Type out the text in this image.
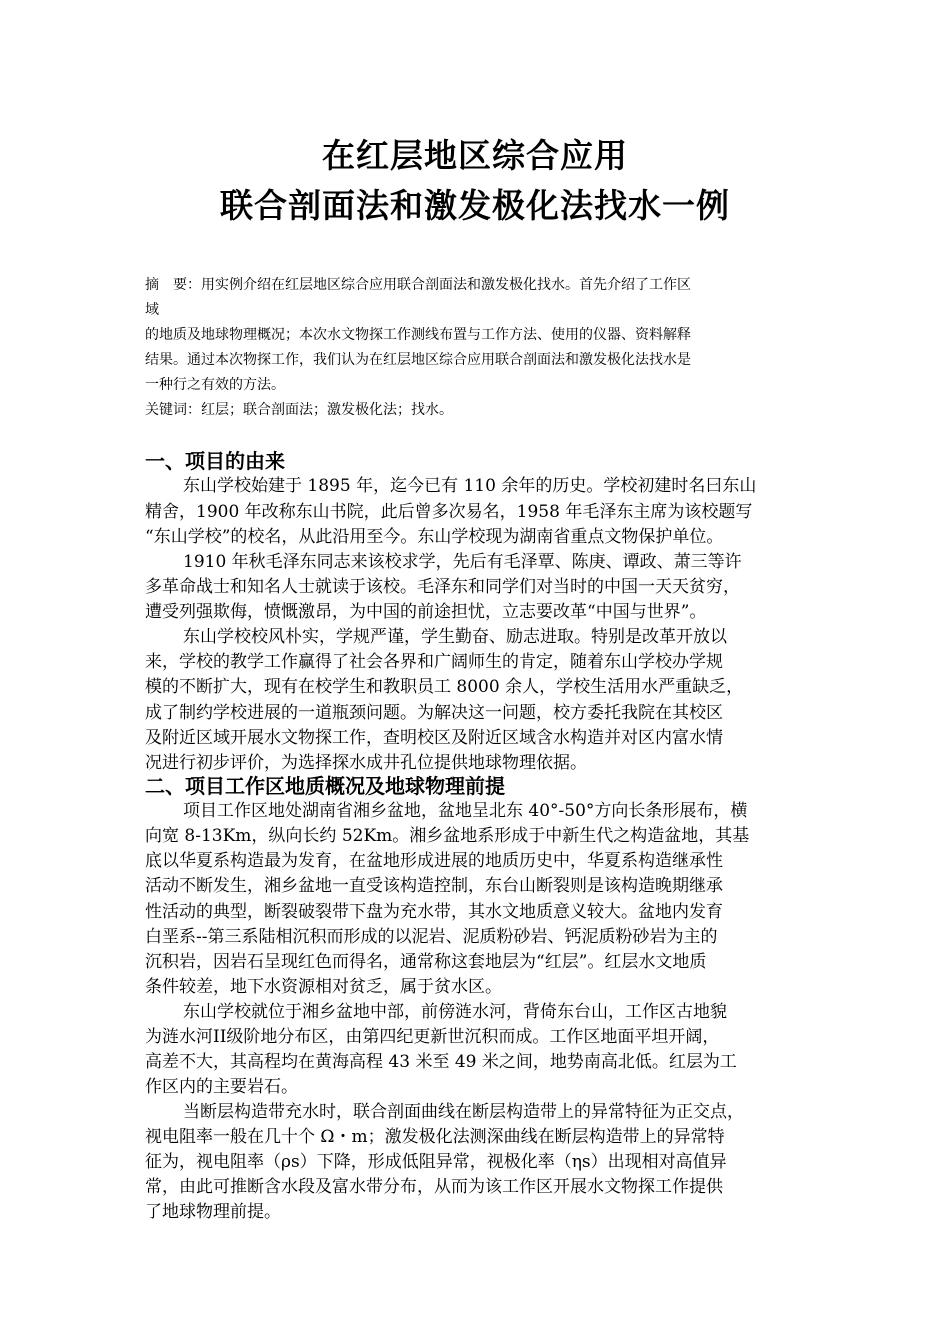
在红层地区综合应用
联合剖面法和激发极化法找水一例
摘　要：用实例介绍在红层地区综合应用联合剖面法和激发极化找水。首先介绍了工作区
域
的地质及地球物理概况；本次水文物探工作测线布置与工作方法、使用的仪器、资料解释
结果。通过本次物探工作，我们认为在红层地区综合应用联合剖面法和激发极化法找水是
一种行之有效的方法。
关键词：红层；联合剖面法；激发极化法；找水。
一、项目的由来
东山学校始建于 1895 年，迄今已有 110 余年的历史。学校初建时名曰东山
精舍，1900 年改称东山书院，此后曾多次易名，1958 年毛泽东主席为该校题写
“东山学校”的校名，从此沿用至今。东山学校现为湖南省重点文物保护单位。
1910 年秋毛泽东同志来该校求学，先后有毛泽覃、陈庚、谭政、萧三等许
多革命战士和知名人士就读于该校。毛泽东和同学们对当时的中国一天天贫穷，
遭受列强欺侮，愤慨激昂，为中国的前途担忧，立志要改革“中国与世界”。
东山学校校风朴实，学规严谨，学生勤奋、励志进取。特别是改革开放以
来，学校的教学工作赢得了社会各界和广阔师生的肯定，随着东山学校办学规
模的不断扩大，现有在校学生和教职员工 8000 余人，学校生活用水严重缺乏，
成了制约学校进展的一道瓶颈问题。为解决这一问题，校方委托我院在其校区
及附近区域开展水文物探工作，查明校区及附近区域含水构造并对区内富水情
况进行初步评价，为选择探水成井孔位提供地球物理依据。
二、项目工作区地质概况及地球物理前提
项目工作区地处湖南省湘乡盆地，盆地呈北东 40°-50°方向长条形展布，横
向宽 8-13Km，纵向长约 52Km。湘乡盆地系形成于中新生代之构造盆地，其基
底以华夏系构造最为发育，在盆地形成进展的地质历史中，华夏系构造继承性
活动不断发生，湘乡盆地一直受该构造控制，东台山断裂则是该构造晚期继承
性活动的典型，断裂破裂带下盘为充水带，其水文地质意义较大。盆地内发育
白垩系--第三系陆相沉积而形成的以泥岩、泥质粉砂岩、钙泥质粉砂岩为主的
沉积岩，因岩石呈现红色而得名，通常称这套地层为“红层”。红层水文地质
条件较差，地下水资源相对贫乏，属于贫水区。
东山学校就位于湘乡盆地中部，前傍涟水河，背倚东台山，工作区古地貌
为涟水河II级阶地分布区，由第四纪更新世沉积而成。工作区地面平坦开阔，
高差不大，其高程均在黄海高程 43 米至 49 米之间，地势南高北低。红层为工
作区内的主要岩石。
当断层构造带充水时，联合剖面曲线在断层构造带上的异常特征为正交点，
视电阻率一般在几十个 Ω・m；激发极化法测深曲线在断层构造带上的异常特
征为，视电阻率（ρs）下降，形成低阻异常，视极化率（ηs）出现相对高值异
常，由此可推断含水段及富水带分布，从而为该工作区开展水文物探工作提供
了地球物理前提。
